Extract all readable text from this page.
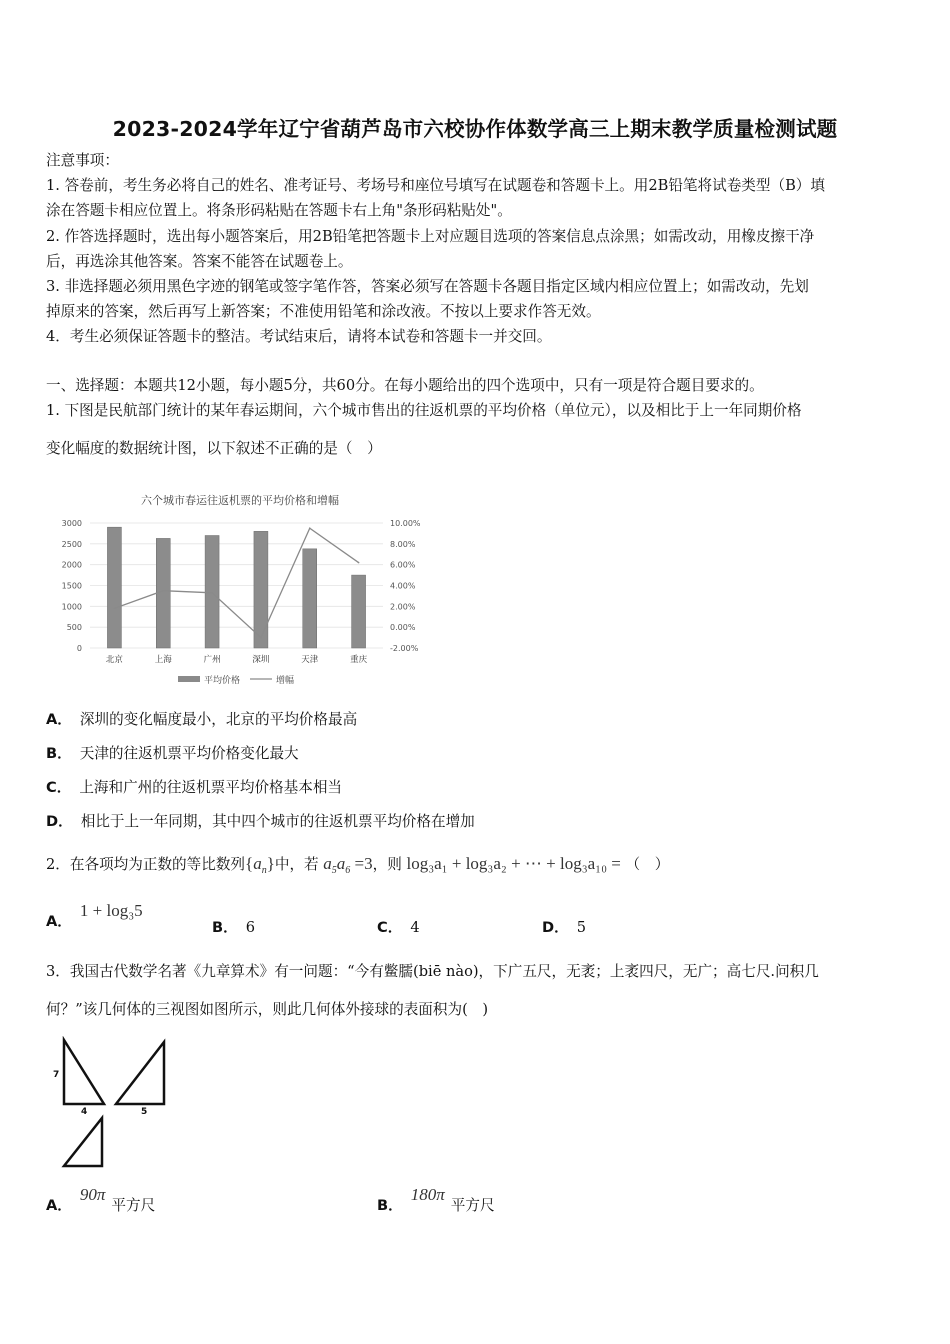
2023-2024学年辽宁省葫芦岛市六校协作体数学高三上期末教学质量检测试题
注意事项：
1. 答卷前，考生务必将自己的姓名、准考证号、考场号和座位号填写在试题卷和答题卡上。用2B铅笔将试卷类型（B）填
涂在答题卡相应位置上。将条形码粘贴在答题卡右上角"条形码粘贴处"。
2. 作答选择题时，选出每小题答案后，用2B铅笔把答题卡上对应题目选项的答案信息点涂黑；如需改动，用橡皮擦干净
后，再选涂其他答案。答案不能答在试题卷上。
3. 非选择题必须用黑色字迹的钢笔或签字笔作答，答案必须写在答题卡各题目指定区域内相应位置上；如需改动，先划
掉原来的答案，然后再写上新答案；不准使用铅笔和涂改液。不按以上要求作答无效。
4．考生必须保证答题卡的整洁。考试结束后，请将本试卷和答题卡一并交回。
一、选择题：本题共12小题，每小题5分，共60分。在每小题给出的四个选项中，只有一项是符合题目要求的。
1. 下图是民航部门统计的某年春运期间，六个城市售出的往返机票的平均价格（单位元），以及相比于上一年同期价格
变化幅度的数据统计图，以下叙述不正确的是（　）
六个城市春运往返机票的平均价格和增幅
3000
2500
2000
1500
1000
500
0
10.00%
8.00%
6.00%
4.00%
2.00%
0.00%
-2.00%
北京	上海	广州	深圳	天津	重庆
平均价格	增幅
A． 深圳的变化幅度最小，北京的平均价格最高
B． 天津的往返机票平均价格变化最大
C． 上海和广州的往返机票平均价格基本相当
D． 相比于上一年同期，其中四个城市的往返机票平均价格在增加
2．在各项均为正数的等比数列$\{a_n\}$中，若 $a_5a_6 =3$，则 log₃a₁ + log₃a₂ + ⋯ + log₃a₁₀ = （　）
A．1 + log₃5
B． 6	C． 4	D． 5
3．我国古代数学名著《九章算术》有一问题：“今有鳖臑(biē nào)，下广五尺，无袤；上袤四尺，无广；高七尺.问积几
何？”该几何体的三视图如图所示，则此几何体外接球的表面积为(　)
7
4	5
A．90π平方尺	B．180π平方尺
